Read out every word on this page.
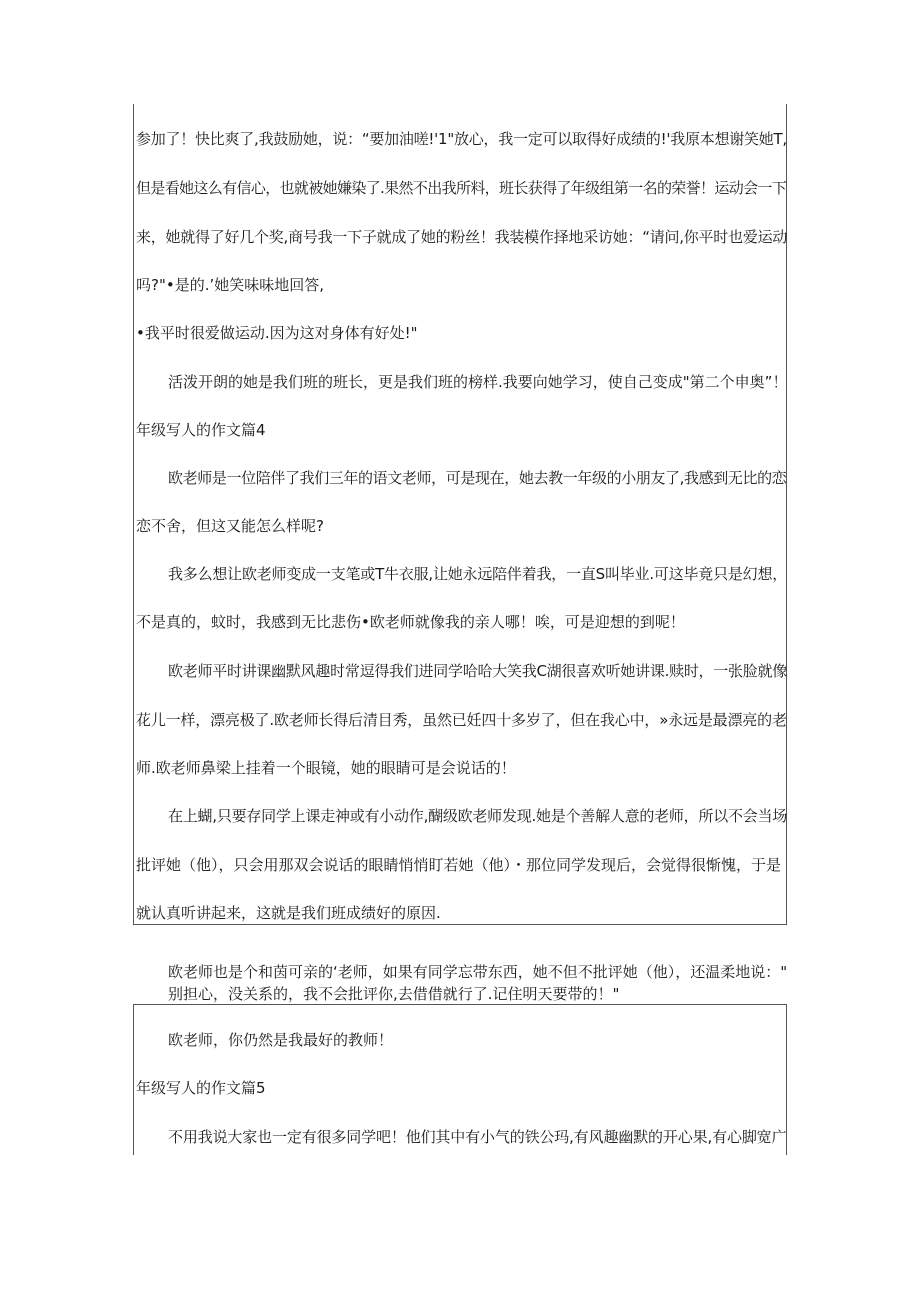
参加了！快比爽了,我鼓励她，说：“要加油嗟!'1"放心，我一定可以取得好成绩的!'我原本想谢笑她T,
但是看她这么有信心，也就被她嫌染了.果然不出我所料，班长获得了年级组第一名的荣誉！运动会一下
来，她就得了好几个奖,商号我一下子就成了她的粉丝！我装模作择地采访她：“请问,你平时也爱运动
吗?"•是的.’她笑味味地回答,
•我平时很爱做运动.因为这对身体有好处!"
活泼开朗的她是我们班的班长，更是我们班的榜样.我要向她学习，使自己变成"第二个申奥”！
年级写人的作文篇4
欧老师是一位陪伴了我们三年的语文老师，可是现在，她去教一年级的小朋友了,我感到无比的恋
恋不舍，但这又能怎么样呢?
我多么想让欧老师变成一支笔或T牛衣服,让她永远陪伴着我，一直S叫毕业.可这毕竟只是幻想，
不是真的，蚊时，我感到无比悲伤•欧老师就像我的亲人哪！唉，可是迎想的到呢！
欧老师平时讲课幽默风趣时常逗得我们进同学哈哈大笑我C湖很喜欢听她讲课.赎时，一张脸就像
花儿一样，漂亮极了.欧老师长得后清目秀，虽然已妊四十多岁了，但在我心中，»永远是最漂亮的老
师.欧老师鼻梁上挂着一个眼镜，她的眼睛可是会说话的！
在上蝴,只要存同学上课走神或有小动作,醐级欧老师发现.她是个善解人意的老师，所以不会当场
批评她（他），只会用那双会说话的眼睛悄悄盯若她（他）・那位同学发现后，会觉得很惭愧，于是
就认真听讲起来，这就是我们班成绩好的原因.
欧老师也是个和茵可亲的‘老师，如果有同学忘带东西，她不但不批评她（他），还温柔地说："
别担心，没关系的，我不会批评你,去借借就行了.记住明天要带的！"
欧老师，你仍然是我最好的教师！
年级写人的作文篇5
不用我说大家也一定有很多同学吧！他们其中有小气的铁公玛,有风趣幽默的开心果,有心脚宽广
